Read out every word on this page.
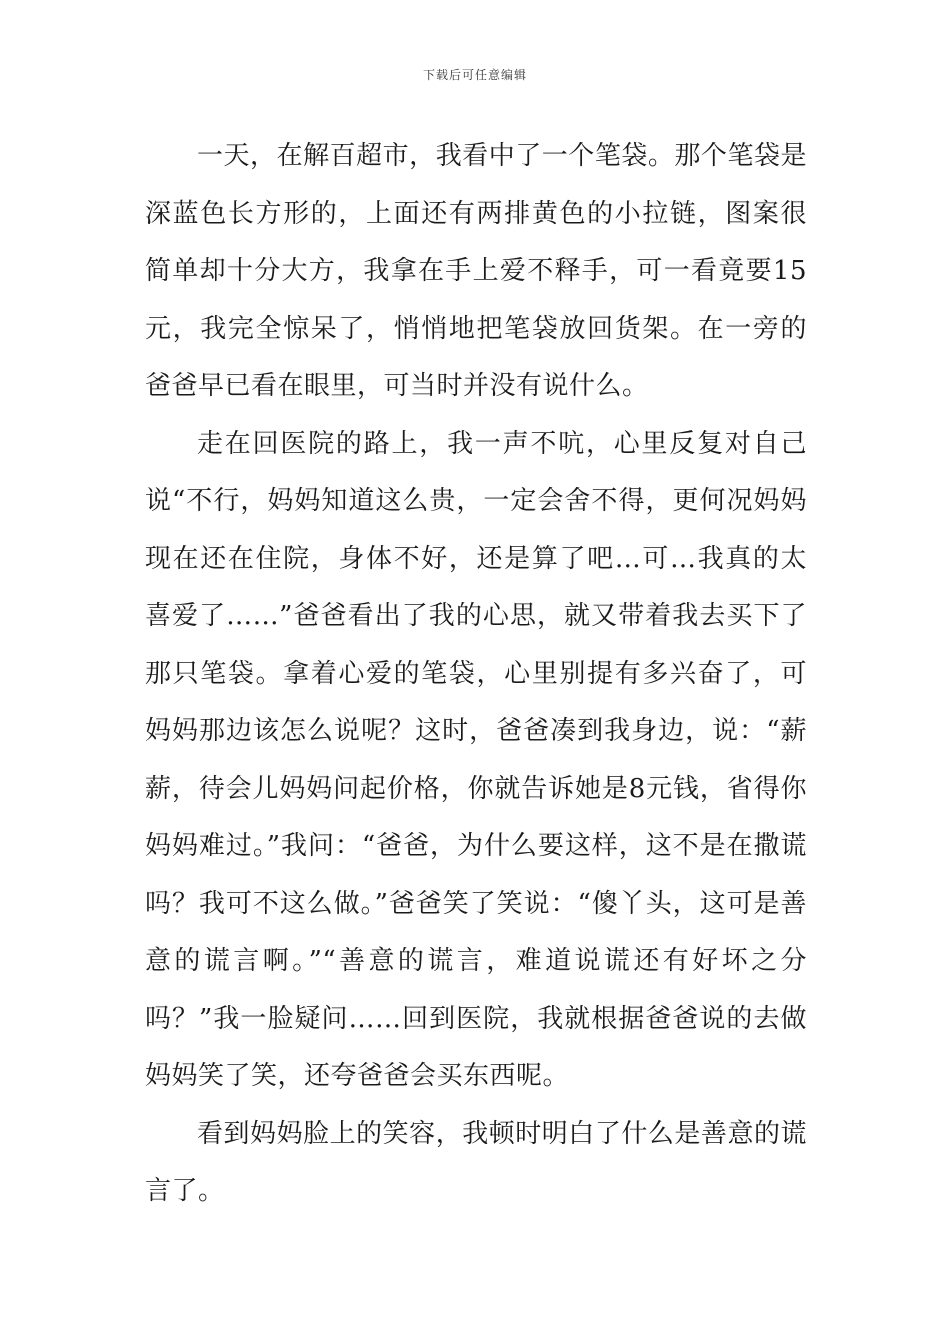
下载后可任意编辑

一天，在解百超市，我看中了一个笔袋。那个笔袋是深蓝色长方形的，上面还有两排黄色的小拉链，图案很简单却十分大方，我拿在手上爱不释手，可一看竟要15元，我完全惊呆了，悄悄地把笔袋放回货架。在一旁的爸爸早已看在眼里，可当时并没有说什么。

走在回医院的路上，我一声不吭，心里反复对自己说“不行，妈妈知道这么贵，一定会舍不得，更何况妈妈现在还在住院，身体不好，还是算了吧…可…我真的太喜爱了……”爸爸看出了我的心思，就又带着我去买下了那只笔袋。拿着心爱的笔袋，心里别提有多兴奋了，可妈妈那边该怎么说呢？这时，爸爸凑到我身边，说：“薪薪，待会儿妈妈问起价格，你就告诉她是8元钱，省得你妈妈难过。”我问：“爸爸，为什么要这样，这不是在撒谎吗？我可不这么做。”爸爸笑了笑说：“傻丫头，这可是善意的谎言啊。”“善意的谎言，难道说谎还有好坏之分吗？”我一脸疑问……回到医院，我就根据爸爸说的去做妈妈笑了笑，还夸爸爸会买东西呢。

看到妈妈脸上的笑容，我顿时明白了什么是善意的谎言了。
